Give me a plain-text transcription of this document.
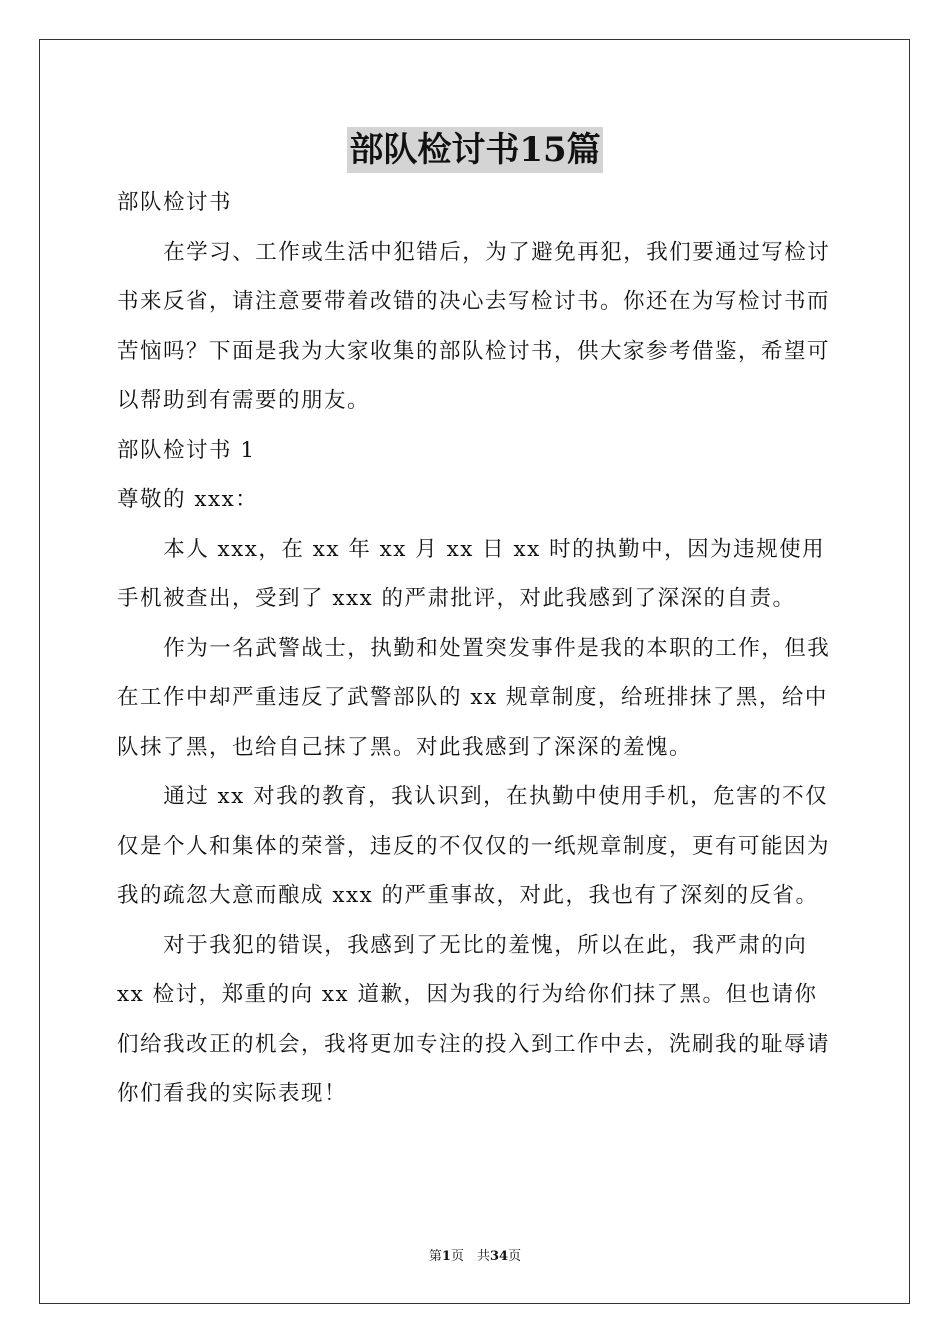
部队检讨书15篇

部队检讨书

在学习、工作或生活中犯错后，为了避免再犯，我们要通过写检讨书来反省，请注意要带着改错的决心去写检讨书。你还在为写检讨书而苦恼吗？下面是我为大家收集的部队检讨书，供大家参考借鉴，希望可以帮助到有需要的朋友。

部队检讨书 1

尊敬的 xxx：

本人 xxx，在 xx 年 xx 月 xx 日 xx 时的执勤中，因为违规使用手机被查出，受到了 xxx 的严肃批评，对此我感到了深深的自责。

作为一名武警战士，执勤和处置突发事件是我的本职的工作，但我在工作中却严重违反了武警部队的 xx 规章制度，给班排抹了黑，给中队抹了黑，也给自己抹了黑。对此我感到了深深的羞愧。

通过 xx 对我的教育，我认识到，在执勤中使用手机，危害的不仅仅是个人和集体的荣誉，违反的不仅仅的一纸规章制度，更有可能因为我的疏忽大意而酿成 xxx 的严重事故，对此，我也有了深刻的反省。

对于我犯的错误，我感到了无比的羞愧，所以在此，我严肃的向 xx 检讨，郑重的向 xx 道歉，因为我的行为给你们抹了黑。但也请你们给我改正的机会，我将更加专注的投入到工作中去，洗刷我的耻辱请你们看我的实际表现！

第1页　共34页
